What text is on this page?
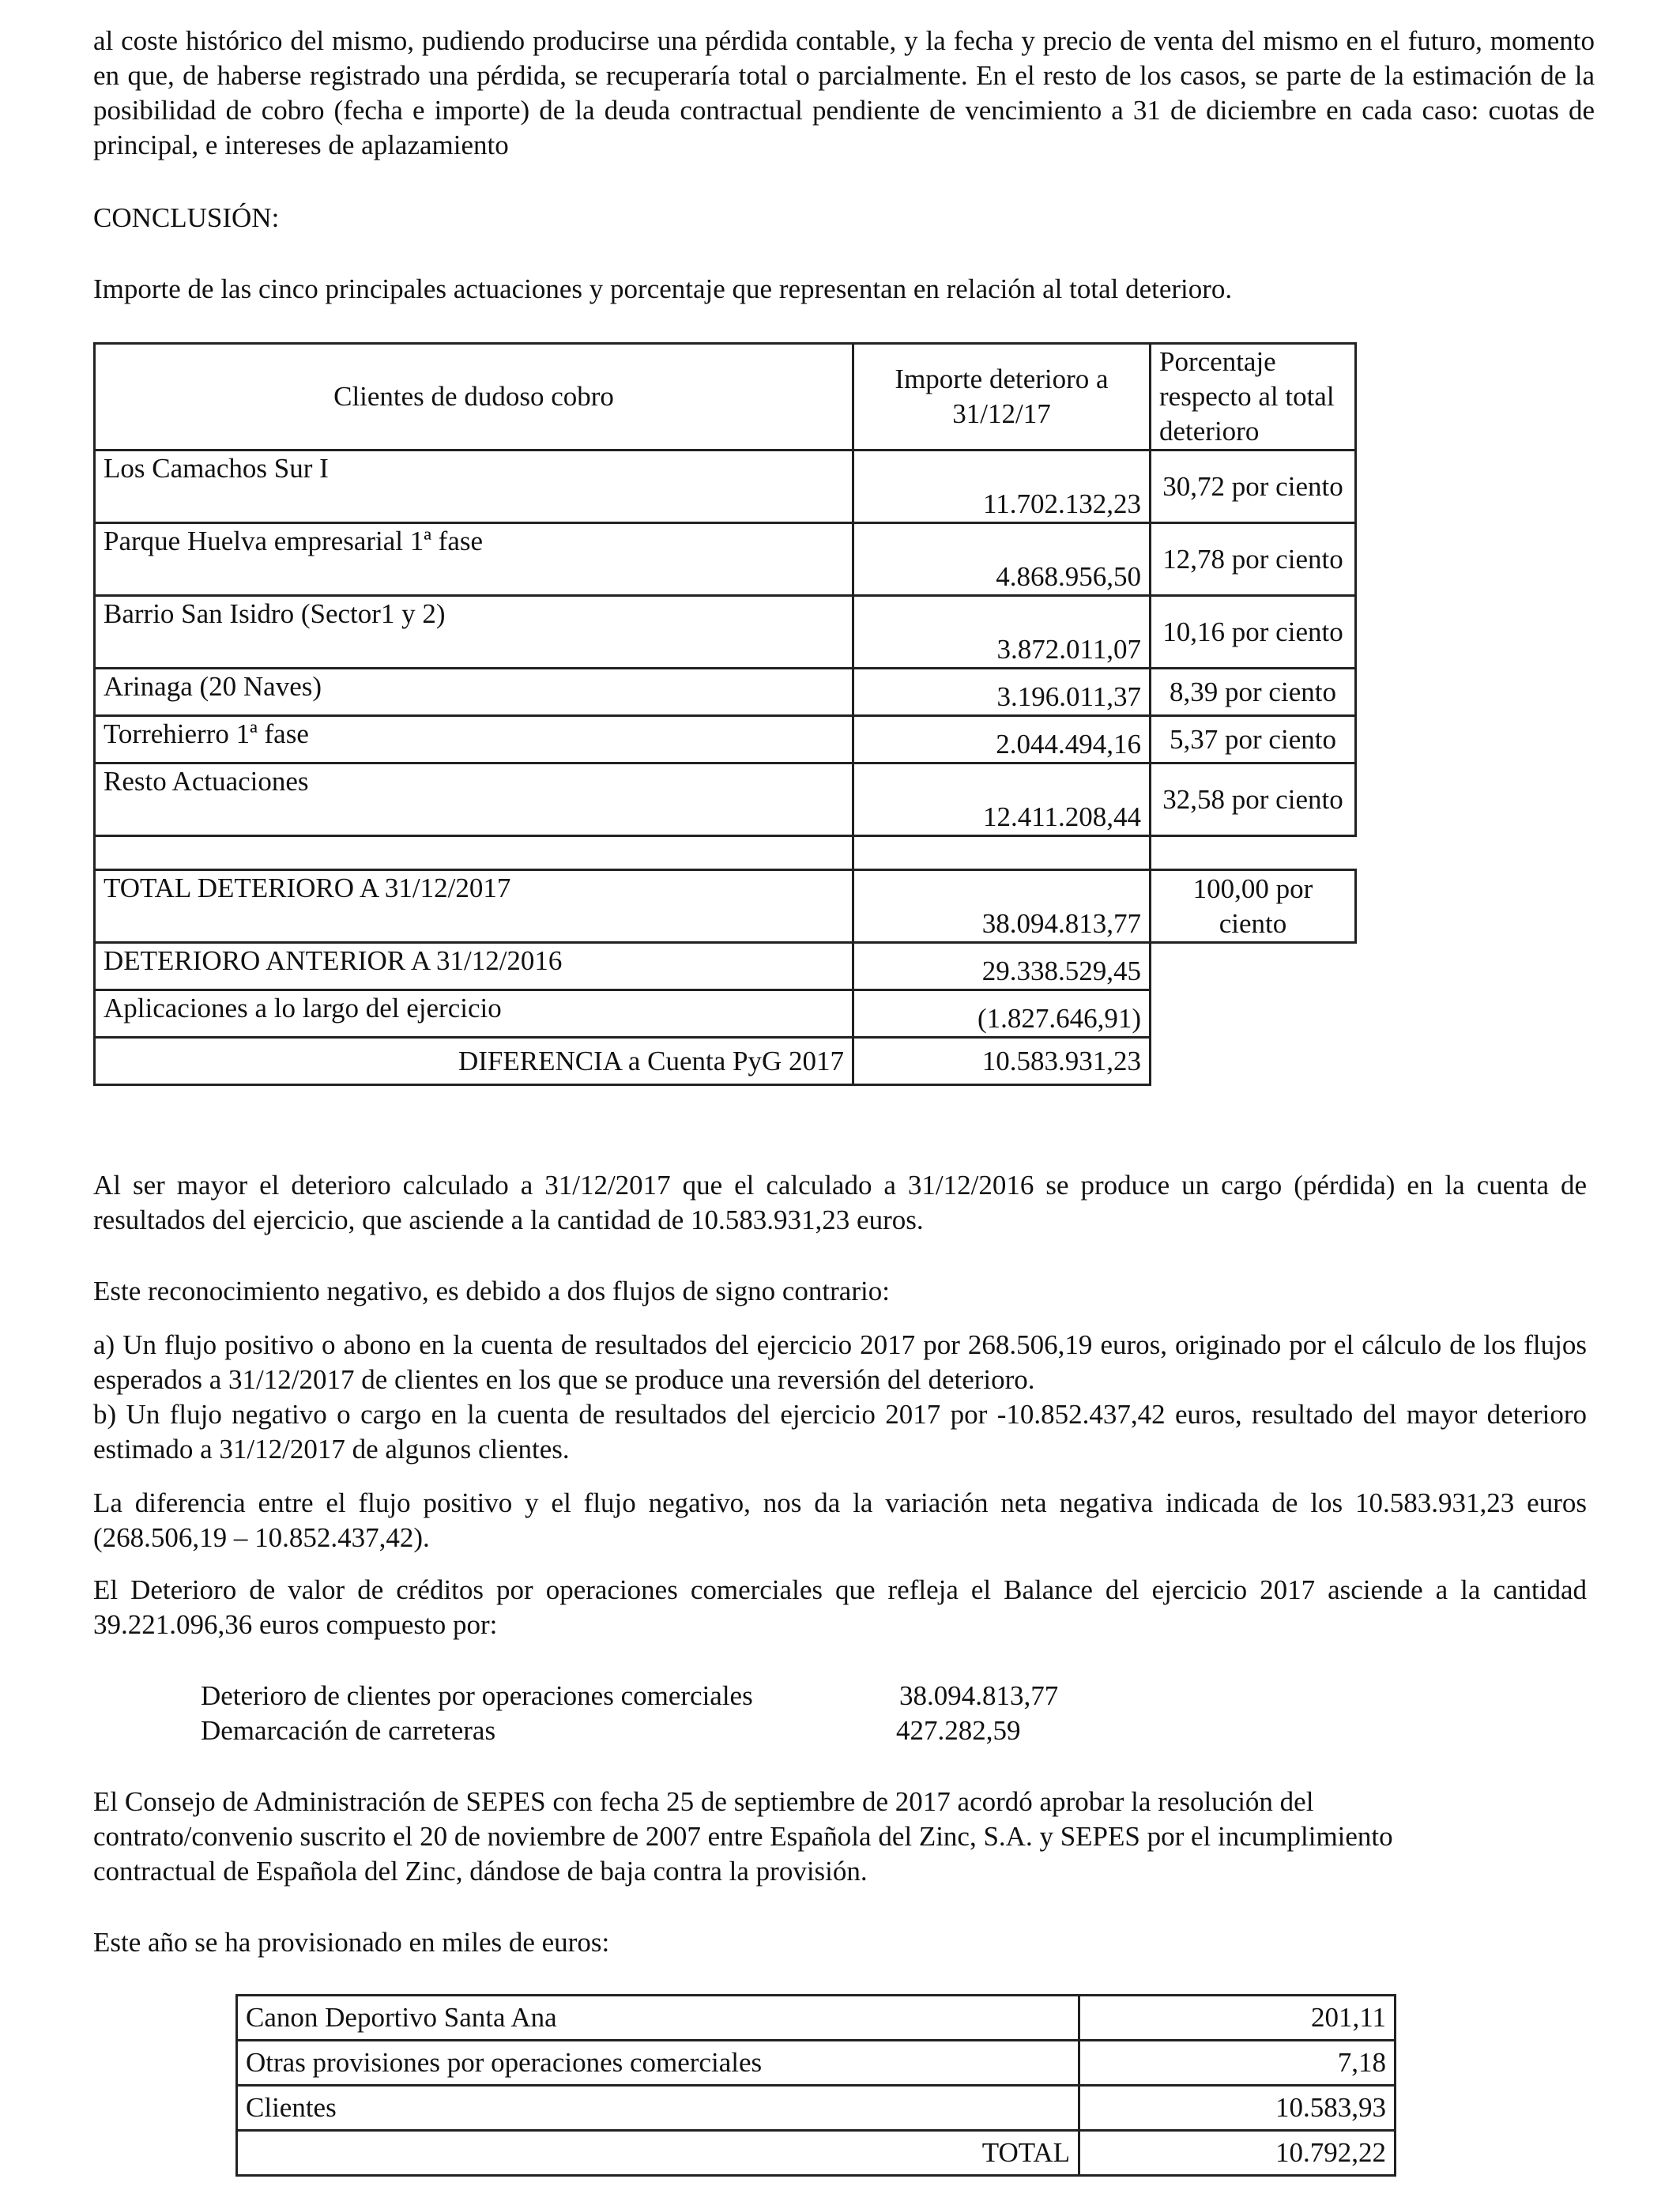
al coste histórico del mismo, pudiendo producirse una pérdida contable, y la fecha y precio de venta del mismo en el futuro, momento en que, de haberse registrado una pérdida, se recuperaría total o parcialmente. En el resto de los casos, se parte de la estimación de la posibilidad de cobro (fecha e importe) de la deuda contractual pendiente de vencimiento a 31 de diciembre en cada caso: cuotas de principal, e intereses de aplazamiento

CONCLUSIÓN:
Importe de las cinco principales actuaciones y porcentaje que representan en relación al total deterioro.
Clientes de dudoso cobro	Importe deterioro a 31/12/17	Porcentaje respecto al total deterioro
Los Camachos Sur I	11.702.132,23	30,72 por ciento
Parque Huelva empresarial 1ª fase	4.868.956,50	12,78 por ciento
Barrio San Isidro (Sector1 y 2)	3.872.011,07	10,16 por ciento
Arinaga (20 Naves)	3.196.011,37	8,39 por ciento
Torrehierro 1ª fase	2.044.494,16	5,37 por ciento
Resto Actuaciones	12.411.208,44	32,58 por ciento

TOTAL DETERIORO A 31/12/2017	38.094.813,77	100,00 por ciento
DETERIORO ANTERIOR A 31/12/2016	29.338.529,45	
Aplicaciones a lo largo del ejercicio	(1.827.646,91)	
DIFERENCIA a Cuenta PyG 2017	10.583.931,23	
Al ser mayor el deterioro calculado a 31/12/2017 que el calculado a 31/12/2016 se produce un cargo (pérdida) en la cuenta de resultados del ejercicio, que asciende a la cantidad de 10.583.931,23 euros.
Este reconocimiento negativo, es debido a dos flujos de signo contrario:
a) Un flujo positivo o abono en la cuenta de resultados del ejercicio 2017 por 268.506,19 euros, originado por el cálculo de los flujos esperados a 31/12/2017 de clientes en los que se produce una reversión del deterioro.
b) Un flujo negativo o cargo en la cuenta de resultados del ejercicio 2017 por -10.852.437,42 euros, resultado del mayor deterioro estimado a 31/12/2017 de algunos clientes.
La diferencia entre el flujo positivo y el flujo negativo, nos da la variación neta negativa indicada de los 10.583.931,23 euros (268.506,19 – 10.852.437,42).
El Deterioro de valor de créditos por operaciones comerciales que refleja el Balance del ejercicio 2017 asciende a la cantidad 39.221.096,36 euros compuesto por:
Deterioro de clientes por operaciones comerciales	38.094.813,77
Demarcación de carreteras	427.282,59
El Consejo de Administración de SEPES con fecha 25 de septiembre de 2017 acordó aprobar la resolución del contrato/convenio suscrito el 20 de noviembre de 2007 entre Española del Zinc, S.A. y SEPES por el incumplimiento contractual de Española del Zinc, dándose de baja contra la provisión.
Este año se ha provisionado en miles de euros:
Canon Deportivo Santa Ana	201,11
Otras provisiones por operaciones comerciales	7,18
Clientes	10.583,93
TOTAL	10.792,22
